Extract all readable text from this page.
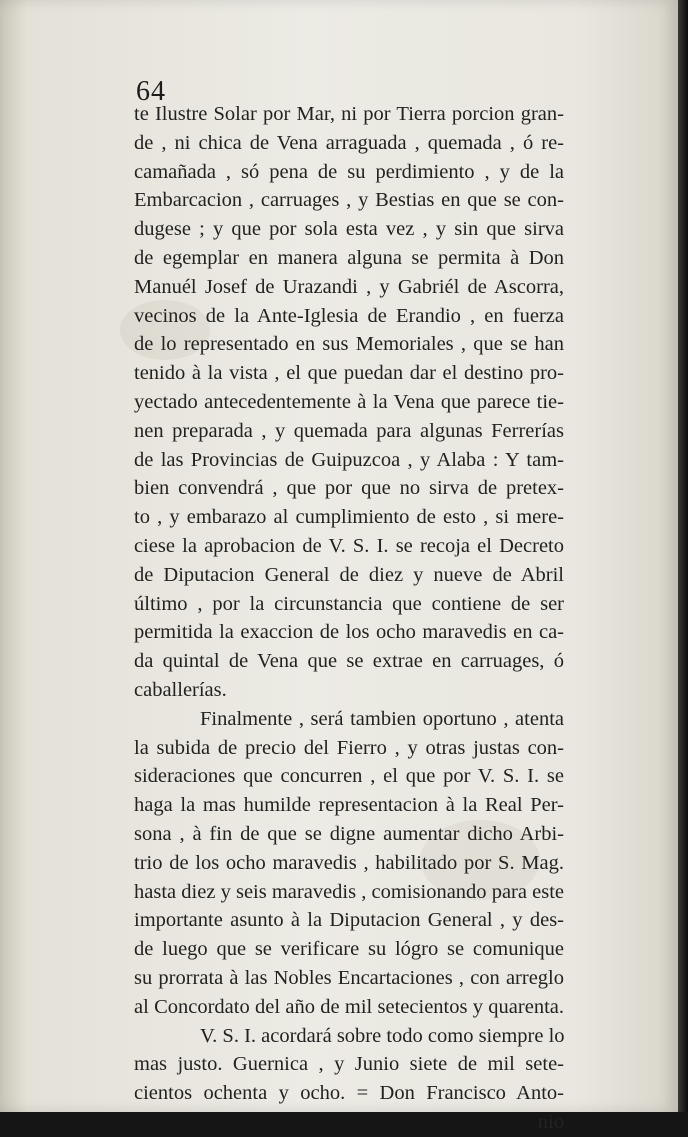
64
te Ilustre Solar por Mar, ni por Tierra porcion gran-
de , ni chica de Vena arraguada , quemada , ó re-
camañada , só pena de su perdimiento , y de la
Embarcacion , carruages , y Bestias en que se con-
dugese ; y que por sola esta vez , y sin que sirva
de egemplar en manera alguna se permita à Don
Manuél Josef de Urazandi , y Gabriél de Ascorra,
vecinos de la Ante-Iglesia de Erandio , en fuerza
de lo representado en sus Memoriales , que se han
tenido à la vista , el que puedan dar el destino pro-
yectado antecedentemente à la Vena que parece tie-
nen preparada , y quemada para algunas Ferrerías
de las Provincias de Guipuzcoa , y Alaba : Y tam-
bien convendrá , que por que no sirva de pretex-
to , y embarazo al cumplimiento de esto , si mere-
ciese la aprobacion de V. S. I. se recoja el Decreto
de Diputacion General de diez y nueve de Abril
último , por la circunstancia que contiene de ser
permitida la exaccion de los ocho maravedis en ca-
da quintal de Vena que se extrae en carruages, ó
caballerías.
Finalmente , será tambien oportuno , atenta
la subida de precio del Fierro , y otras justas con-
sideraciones que concurren , el que por V. S. I. se
haga la mas humilde representacion à la Real Per-
sona , à fin de que se digne aumentar dicho Arbi-
trio de los ocho maravedis , habilitado por S. Mag.
hasta diez y seis maravedis , comisionando para este
importante asunto à la Diputacion General , y des-
de luego que se verificare su lógro se comunique
su prorrata à las Nobles Encartaciones , con arreglo
al Concordato del año de mil setecientos y quarenta.
V. S. I. acordará sobre todo como siempre lo
mas justo. Guernica , y Junio siete de mil sete-
cientos ochenta y ocho. = Don Francisco Anto-
nio
